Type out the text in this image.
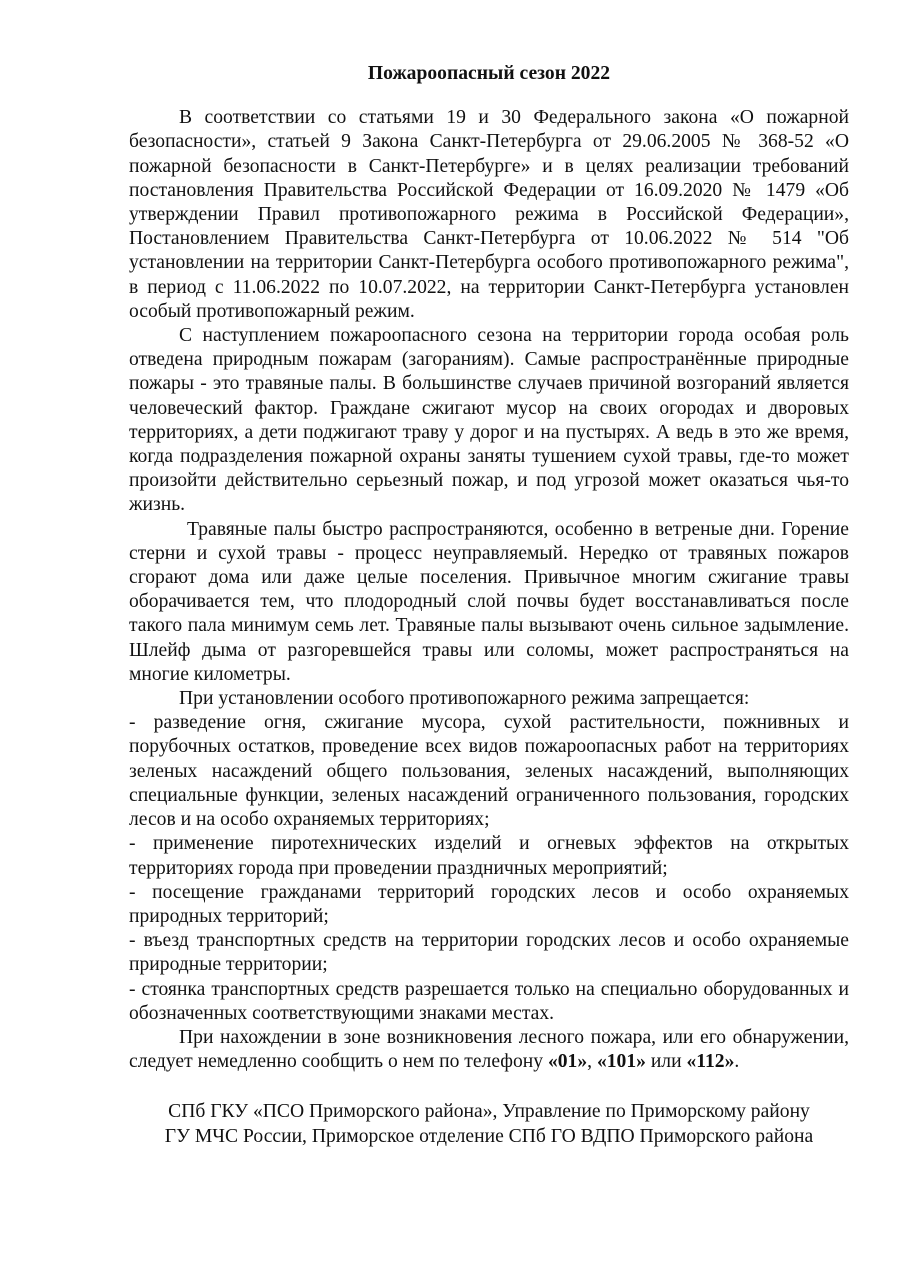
Пожароопасный сезон 2022

В соответствии со статьями 19 и 30 Федерального закона «О пожарной безопасности», статьей 9 Закона Санкт-Петербурга от 29.06.2005 № 368-52 «О пожарной безопасности в Санкт-Петербурге» и в целях реализации требований постановления Правительства Российской Федерации от 16.09.2020 № 1479 «Об утверждении Правил противопожарного режима в Российской Федерации», Постановлением Правительства Санкт-Петербурга от 10.06.2022 № 514 "Об установлении на территории Санкт-Петербурга особого противопожарного режима", в период с 11.06.2022 по 10.07.2022, на территории Санкт-Петербурга установлен особый противопожарный режим.

С наступлением пожароопасного сезона на территории города особая роль отведена природным пожарам (загораниям). Самые распространённые природные пожары - это травяные палы. В большинстве случаев причиной возгораний является человеческий фактор. Граждане сжигают мусор на своих огородах и дворовых территориях, а дети поджигают траву у дорог и на пустырях. А ведь в это же время, когда подразделения пожарной охраны заняты тушением сухой травы, где-то может произойти действительно серьезный пожар, и под угрозой может оказаться чья-то жизнь.

Травяные палы быстро распространяются, особенно в ветреные дни. Горение стерни и сухой травы - процесс неуправляемый. Нередко от травяных пожаров сгорают дома или даже целые поселения. Привычное многим сжигание травы оборачивается тем, что плодородный слой почвы будет восстанавливаться после такого пала минимум семь лет. Травяные палы вызывают очень сильное задымление. Шлейф дыма от разгоревшейся травы или соломы, может распространяться на многие километры.

При установлении особого противопожарного режима запрещается:

- разведение огня, сжигание мусора, сухой растительности, пожнивных и порубочных остатков, проведение всех видов пожароопасных работ на территориях зеленых насаждений общего пользования, зеленых насаждений, выполняющих специальные функции, зеленых насаждений ограниченного пользования, городских лесов и на особо охраняемых территориях;

- применение пиротехнических изделий и огневых эффектов на открытых территориях города при проведении праздничных мероприятий;

- посещение гражданами территорий городских лесов и особо охраняемых природных территорий;

- въезд транспортных средств на территории городских лесов и особо охраняемые природные территории;

- стоянка транспортных средств разрешается только на специально оборудованных и обозначенных соответствующими знаками местах.

При нахождении в зоне возникновения лесного пожара, или его обнаружении, следует немедленно сообщить о нем по телефону «01», «101» или «112».

СПб ГКУ «ПСО Приморского района», Управление по Приморскому району

ГУ МЧС России, Приморское отделение СПб ГО ВДПО Приморского района
